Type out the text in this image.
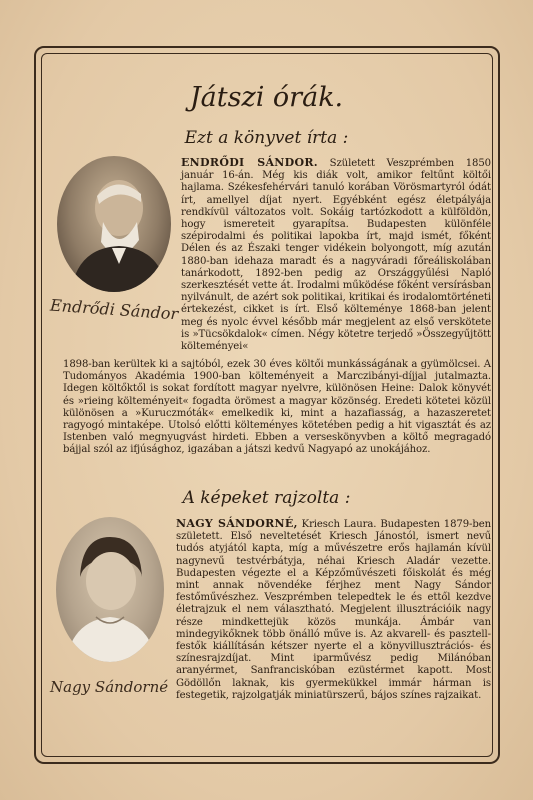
Játszi órák.
Ezt a könyvet írta :
Endrődi Sándor
ENDRŐDI SÁNDOR. Született Veszprémben 1850 január 16-án. Még kis diák volt, amikor feltűnt költői hajlama. Székesfehérvári tanuló korában Vörösmartyról ódát írt, amellyel díjat nyert. Egyébként egész életpályája rendkívül változatos volt. Sokáig tartózkodott a külföldön, hogy ismereteit gyarapítsa. Budapesten különféle szépirodalmi és politikai lapokba írt, majd ismét, főként Délen és az Északi tenger vidékein bolyongott, míg azután 1880-ban idehaza maradt és a nagyváradi főreáliskolában tanárkodott, 1892-ben pedig az Országgyűlési Napló szerkesztését vette át. Irodalmi működése főként versírásban nyilvánult, de azért sok politikai, kritikai és irodalomtörténeti értekezést, cikket is írt. Első költeménye 1868-ban jelent meg és nyolc évvel később már megjelent az első verskötete is »Tücsökdalok« címen. Négy kötetre terjedő »Összegyűjtött költeményei«
1898-ban kerültek ki a sajtóból, ezek 30 éves költői munkásságának a gyümölcsei. A Tudományos Akadémia 1900-ban költeményeit a Marczibányi-díjjal jutalmazta. Idegen költőktől is sokat fordított magyar nyelvre, különösen Heine: Dalok könyvét és »rieing költeményeit« fogadta örömest a magyar közönség. Eredeti kötetei közül különösen a »Kuruczmóták« emelkedik ki, mint a hazafiasság, a hazaszeretet ragyogó mintaképe. Utolsó előtti költeményes kötetében pedig a hit vigasztát és az Istenben való megnyugvást hirdeti. Ebben a verseskönyvben a költő megragadó bájjal szól az ifjúsághoz, igazában a játszi kedvű Nagyapó az unokájához.
A képeket rajzolta :
Nagy Sándorné
NAGY SÁNDORNÉ, Kriesch Laura. Budapesten 1879-ben született. Első neveltetését Kriesch Jánostól, ismert nevű tudós atyjától kapta, míg a művészetre erős hajlamán kívül nagynevű testvérbátyja, néhai Kriesch Aladár vezette. Budapesten végezte el a Képzőművészeti főiskolát és még mint annak növendéke férjhez ment Nagy Sándor festőművészhez. Veszprémben telepedtek le és ettől kezdve életrajzuk el nem választható. Megjelent illusztrációik nagy része mindkettejük közös munkája. Ámbár van mindegyikőknek több önálló műve is. Az akvarell- és pasztell-festők kiállításán kétszer nyerte el a könyvillusztrációs- és színesrajzdíjat. Mint iparművész pedig Milánóban aranyérmet, Sanfranciskóban ezüstérmet kapott. Most Gödöllőn laknak, kis gyermekükkel immár hárman is festegetik, rajzolgatják miniatürszerű, bájos színes rajzaikat.
